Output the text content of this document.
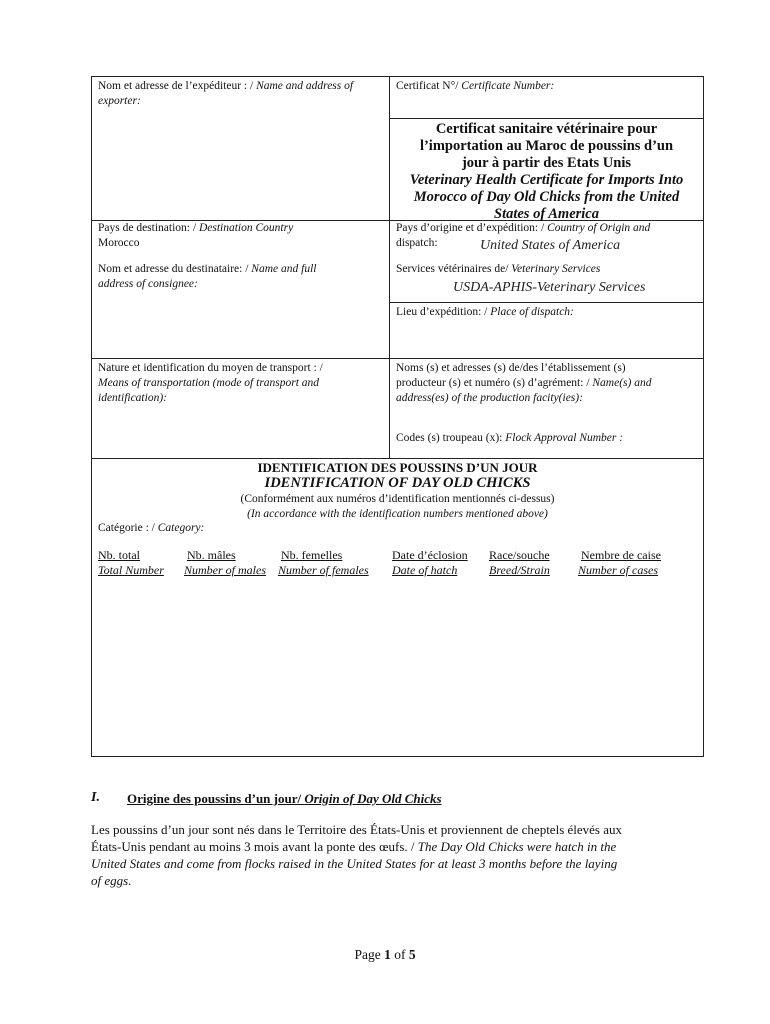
Nom et adresse de l’expéditeur : / Name and address of exporter:
Certificat N°/ Certificate Number:
Certificat sanitaire vétérinaire pour
l’importation au Maroc de poussins d’un
jour à partir des Etats Unis
Veterinary Health Certificate for Imports Into
Morocco of Day Old Chicks from the United
States of America
Pays de destination: / Destination Country
Morocco
Nom et adresse du destinataire: / Name and full
address of consignee:
Pays d’origine et d’expédition: / Country of Origin and
dispatch:	United States of America
Services vétérinaires de/ Veterinary Services
USDA-APHIS-Veterinary Services
Lieu d’expédition: / Place of dispatch:
Nature et identification du moyen de transport : /
Means of transportation (mode of transport and
identification):
Noms (s) et adresses (s) de/des l’établissement (s)
producteur (s) et numéro (s) d’agrément: / Name(s) and
address(es) of the production facity(ies):
Codes (s) troupeau (x): Flock Approval Number :
IDENTIFICATION DES POUSSINS D’UN JOUR
IDENTIFICATION OF DAY OLD CHICKS
(Conformément aux numéros d’identification mentionnés ci-dessus)
(In accordance with the identification numbers mentioned above)
Catégorie : / Category:
Nb. total
Total Number
Nb. mâles
Number of males
Nb. femelles
Number of females
Date d’éclosion
Date of hatch
Race/souche
Breed/Strain
Nembre de caise
Number of cases
I. Origine des poussins d’un jour/ Origin of Day Old Chicks
Les poussins d’un jour sont nés dans le Territoire des États-Unis et proviennent de cheptels élevés aux
États-Unis pendant au moins 3 mois avant la ponte des œufs. / The Day Old Chicks were hatch in the
United States and come from flocks raised in the United States for at least 3 months before the laying
of eggs.
Page 1 of 5
